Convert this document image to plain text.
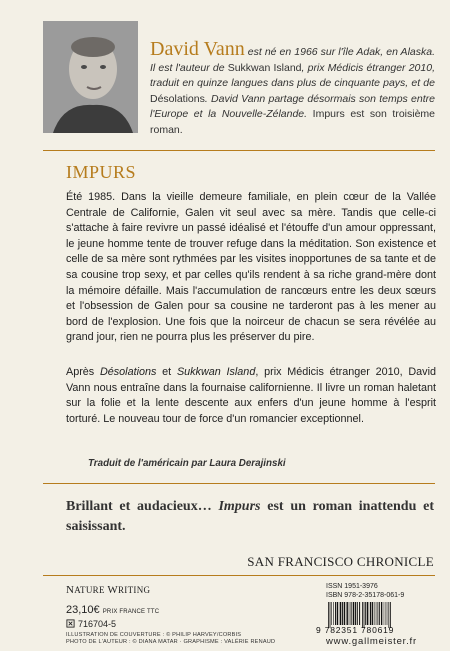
David Vann est né en 1966 sur l'île Adak, en Alaska. Il est l'auteur de Sukkwan Island, prix Médicis étranger 2010, traduit en quinze langues dans plus de cinquante pays, et de Désolations. David Vann partage désormais son temps entre l'Europe et la Nouvelle-Zélande. Impurs est son troisième roman.
IMPURS
Été 1985. Dans la vieille demeure familiale, en plein cœur de la Vallée Centrale de Californie, Galen vit seul avec sa mère. Tandis que celle-ci s'attache à faire revivre un passé idéalisé et l'étouffe d'un amour oppressant, le jeune homme tente de trouver refuge dans la méditation. Son existence et celle de sa mère sont rythmées par les visites inopportunes de sa tante et de sa cousine trop sexy, et par celles qu'ils rendent à sa riche grand-mère dont la mémoire défaille. Mais l'accumulation de rancœurs entre les deux sœurs et l'obsession de Galen pour sa cousine ne tarderont pas à les mener au bord de l'explosion. Une fois que la noirceur de chacun se sera révélée au grand jour, rien ne pourra plus les préserver du pire.
Après Désolations et Sukkwan Island, prix Médicis étranger 2010, David Vann nous entraîne dans la fournaise californienne. Il livre un roman haletant sur la folie et la lente descente aux enfers d'un jeune homme à l'esprit torturé. Le nouveau tour de force d'un romancier exceptionnel.
Traduit de l'américain par Laura Derajinski
Brillant et audacieux… Impurs est un roman inattendu et saisissant.
SAN FRANCISCO CHRONICLE
NATURE WRITING	ISSN 1951-3976
ISBN 978-2-35178-061-9
9 782351 780619
23,10€ PRIX FRANCE TTC
716704-5
ILLUSTRATION DE COUVERTURE : © PHILIP HARVEY/CORBIS
PHOTO DE L'AUTEUR : © DIANA MATAR · GRAPHISME : VALÉRIE RENAUD	www.gallmeister.fr
